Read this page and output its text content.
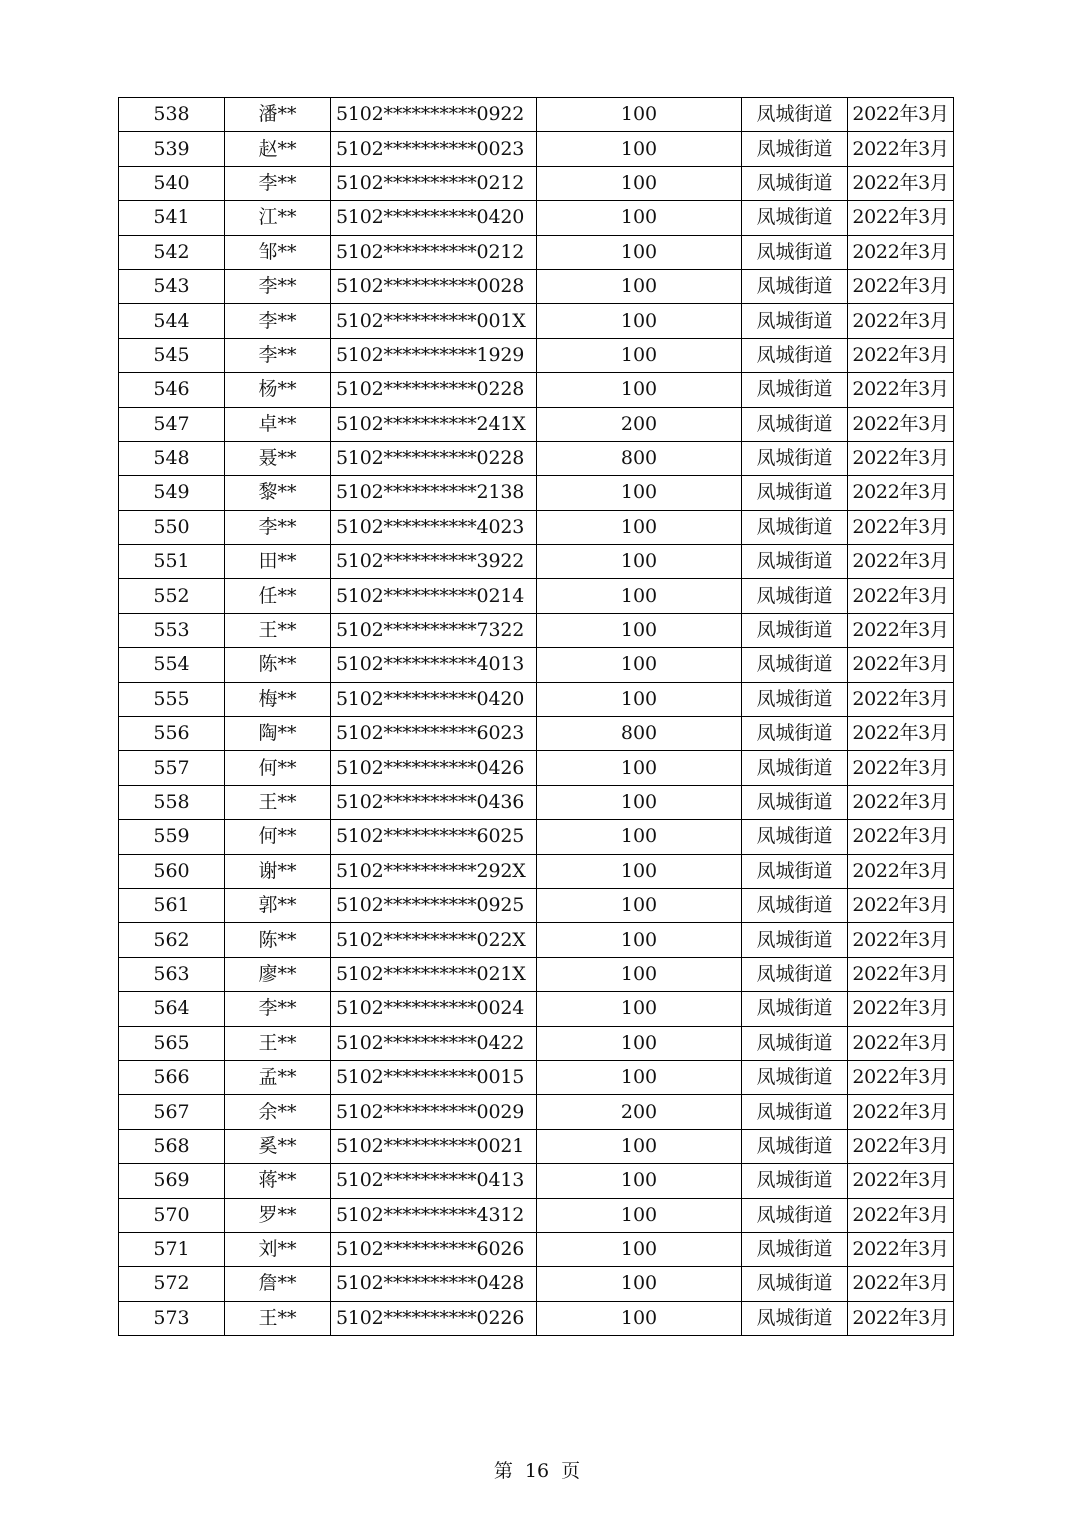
538	潘**	5102**********0922	100	凤城街道	2022年3月
539	赵**	5102**********0023	100	凤城街道	2022年3月
540	李**	5102**********0212	100	凤城街道	2022年3月
541	江**	5102**********0420	100	凤城街道	2022年3月
542	邹**	5102**********0212	100	凤城街道	2022年3月
543	李**	5102**********0028	100	凤城街道	2022年3月
544	李**	5102**********001X	100	凤城街道	2022年3月
545	李**	5102**********1929	100	凤城街道	2022年3月
546	杨**	5102**********0228	100	凤城街道	2022年3月
547	卓**	5102**********241X	200	凤城街道	2022年3月
548	聂**	5102**********0228	800	凤城街道	2022年3月
549	黎**	5102**********2138	100	凤城街道	2022年3月
550	李**	5102**********4023	100	凤城街道	2022年3月
551	田**	5102**********3922	100	凤城街道	2022年3月
552	任**	5102**********0214	100	凤城街道	2022年3月
553	王**	5102**********7322	100	凤城街道	2022年3月
554	陈**	5102**********4013	100	凤城街道	2022年3月
555	梅**	5102**********0420	100	凤城街道	2022年3月
556	陶**	5102**********6023	800	凤城街道	2022年3月
557	何**	5102**********0426	100	凤城街道	2022年3月
558	王**	5102**********0436	100	凤城街道	2022年3月
559	何**	5102**********6025	100	凤城街道	2022年3月
560	谢**	5102**********292X	100	凤城街道	2022年3月
561	郭**	5102**********0925	100	凤城街道	2022年3月
562	陈**	5102**********022X	100	凤城街道	2022年3月
563	廖**	5102**********021X	100	凤城街道	2022年3月
564	李**	5102**********0024	100	凤城街道	2022年3月
565	王**	5102**********0422	100	凤城街道	2022年3月
566	孟**	5102**********0015	100	凤城街道	2022年3月
567	余**	5102**********0029	200	凤城街道	2022年3月
568	奚**	5102**********0021	100	凤城街道	2022年3月
569	蒋**	5102**********0413	100	凤城街道	2022年3月
570	罗**	5102**********4312	100	凤城街道	2022年3月
571	刘**	5102**********6026	100	凤城街道	2022年3月
572	詹**	5102**********0428	100	凤城街道	2022年3月
573	王**	5102**********0226	100	凤城街道	2022年3月
第 16 页
